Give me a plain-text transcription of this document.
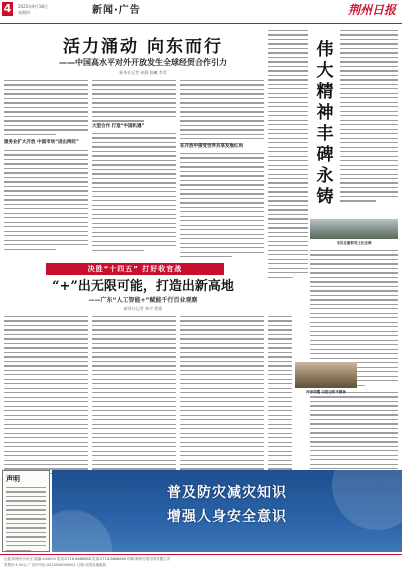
4	2025年9月18日
星期四	新闻·广告	荆州日报
活力涌动 向东而行
——中国高水平对外开放发生全球经贸合作引力
新华社记者 何静 陈曦 李青
服务业扩大开放 中国市场“进出两旺”
大型合作 打造“中国机遇”
在开放中接受世界共享发展红利
伟大精神丰碑永铸
市民在瞻仰烈士纪念碑
决胜“十四五” 打好收官战
“+”出无限可能，打造出新高地
——广东“人工智能+”赋能千行百业观察
新华社记者 林宇 徐嘉
再享荣耀 以铭记和平精神
声明
普及防灾减灾知识
增强人身安全意识
社址:荆州市沙市区 邮编:434000 电话:0716-8888888 传真:0716-8888888 印刷:荆州日报印务有限公司
零售价:1.50元 广告许可证:4210004000001 订阅:全国各地邮局
